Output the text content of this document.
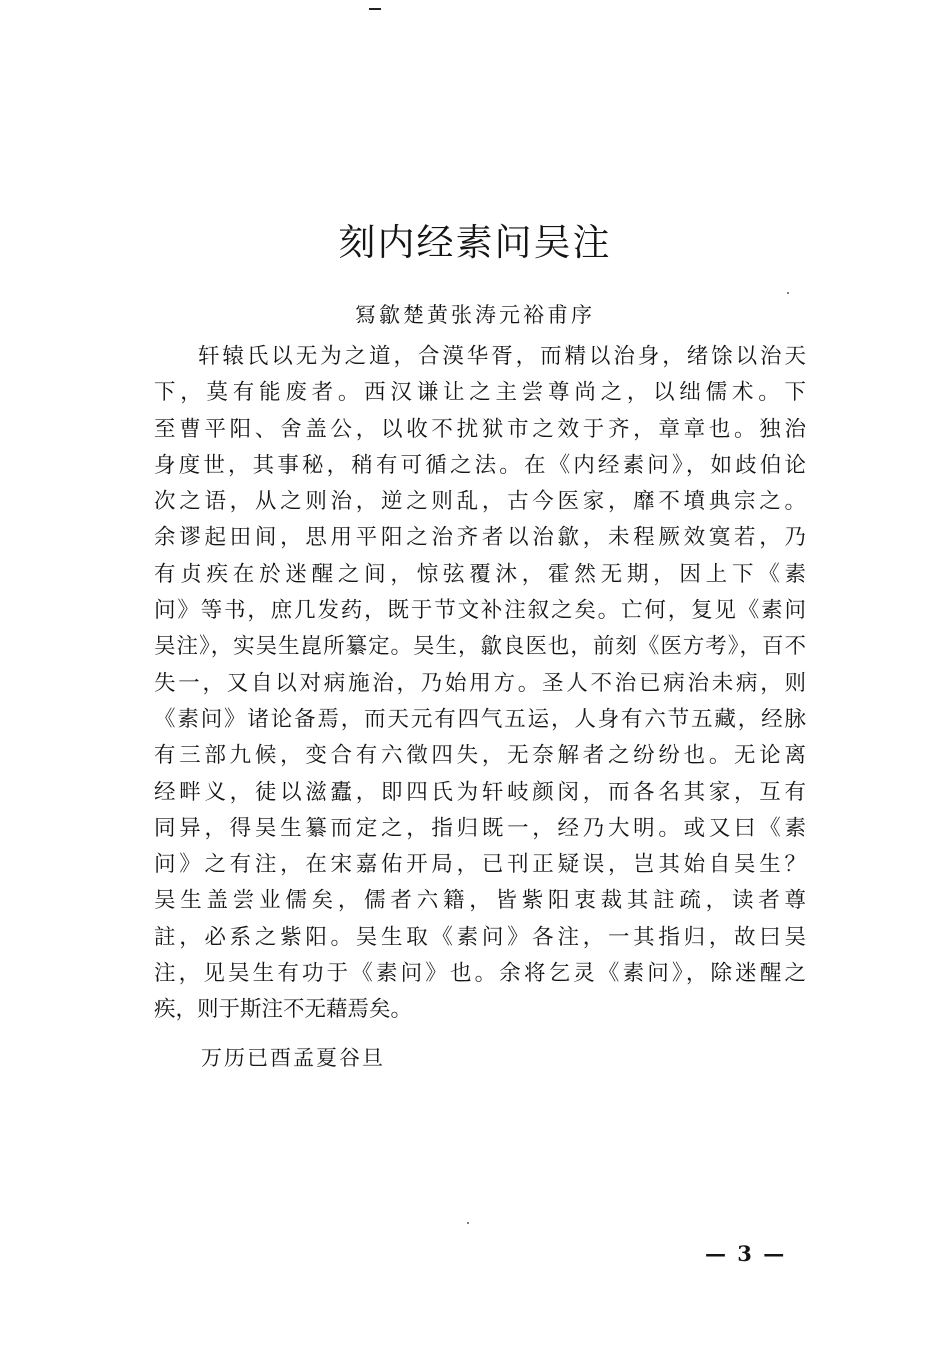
刻内经素问吴注
冩歙楚黄张涛元裕甫序
轩辕氏以无为之道，合漠华胥，而精以治身，绪馀以治天
下，莫有能废者。西汉谦让之主尝尊尚之，以绌儒术。下
至曹平阳、舍盖公，以收不扰狱市之效于齐，章章也。独治
身度世，其事秘，稍有可循之法。在《内经素问》，如歧伯论
次之语，从之则治，逆之则乱，古今医家，靡不墳典宗之。
余谬起田间，思用平阳之治齐者以治歙，未程厥效寞若，乃
有贞疾在於迷醒之间，惊弦覆沐，霍然无期，因上下《素
问》等书，庶几发药，既于节文补注叙之矣。亡何，复见《素问
吴注》，实吴生崑所纂定。吴生，歙良医也，前刻《医方考》，百不
失一，又自以对病施治，乃始用方。圣人不治已病治未病，则
《素问》诸论备焉，而天元有四气五运，人身有六节五藏，经脉
有三部九候，变合有六徵四失，无奈解者之纷纷也。无论离
经畔义，徒以滋蠹，即四氏为轩岐颜闵，而各名其家，互有
同异，得吴生纂而定之，指归既一，经乃大明。或又曰《素
问》之有注，在宋嘉佑开局，已刊正疑误，岂其始自吴生？
吴生盖尝业儒矣，儒者六籍，皆紫阳衷裁其註疏，读者尊
註，必系之紫阳。吴生取《素问》各注，一其指归，故曰吴
注，见吴生有功于《素问》也。余将乞灵《素问》，除迷醒之
疾，则于斯注不无藉焉矣。
万历已酉孟夏谷旦
— 3 —
